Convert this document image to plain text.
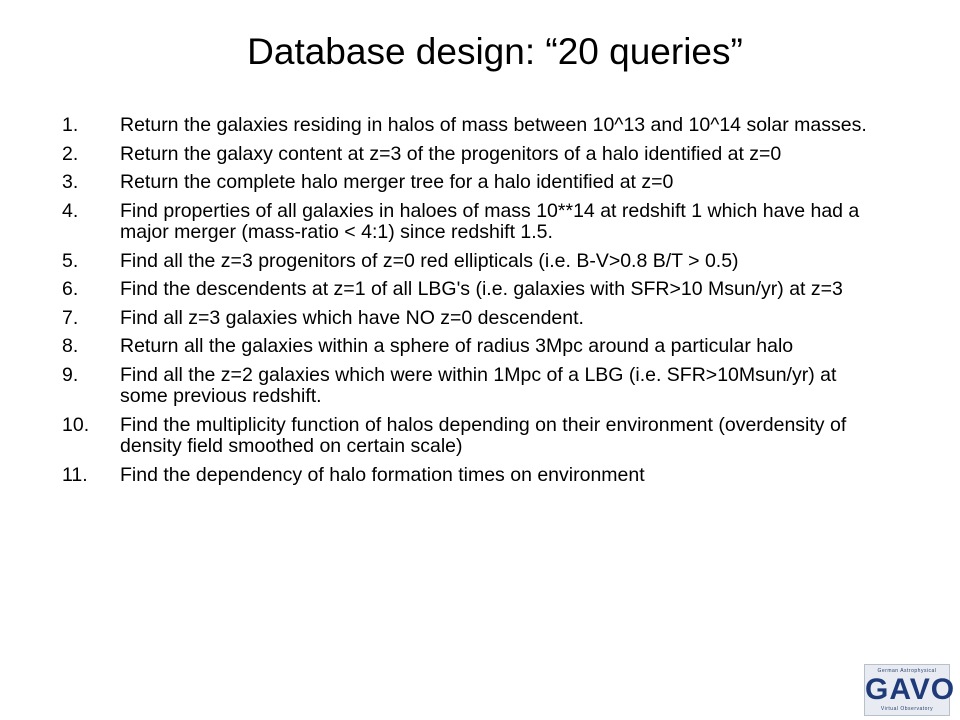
Database design: “20 queries”
1.	Return the galaxies residing in halos of mass between 10^13 and 10^14 solar masses.
2.	Return the galaxy content at z=3 of the progenitors of a halo identified at z=0
3.	Return the complete halo merger tree for a halo identified at z=0
4.	Find properties of all galaxies in haloes of mass 10**14 at redshift 1 which have had a major merger (mass-ratio < 4:1) since redshift 1.5.
5.	Find all the z=3 progenitors of z=0 red ellipticals (i.e. B-V>0.8 B/T > 0.5)
6.	Find the descendents at z=1 of all LBG's (i.e. galaxies with SFR>10 Msun/yr) at z=3
7.	Find all z=3 galaxies which have NO z=0 descendent.
8.	Return all the galaxies within a sphere of radius 3Mpc around a particular halo
9.	Find all the z=2 galaxies which were within 1Mpc of a LBG (i.e. SFR>10Msun/yr) at some previous redshift.
10.	Find the multiplicity function of halos depending on their environment (overdensity of density field smoothed on certain scale)
11.	Find the dependency of halo formation times on environment
German Astrophysical
GAVO
Virtual Observatory
